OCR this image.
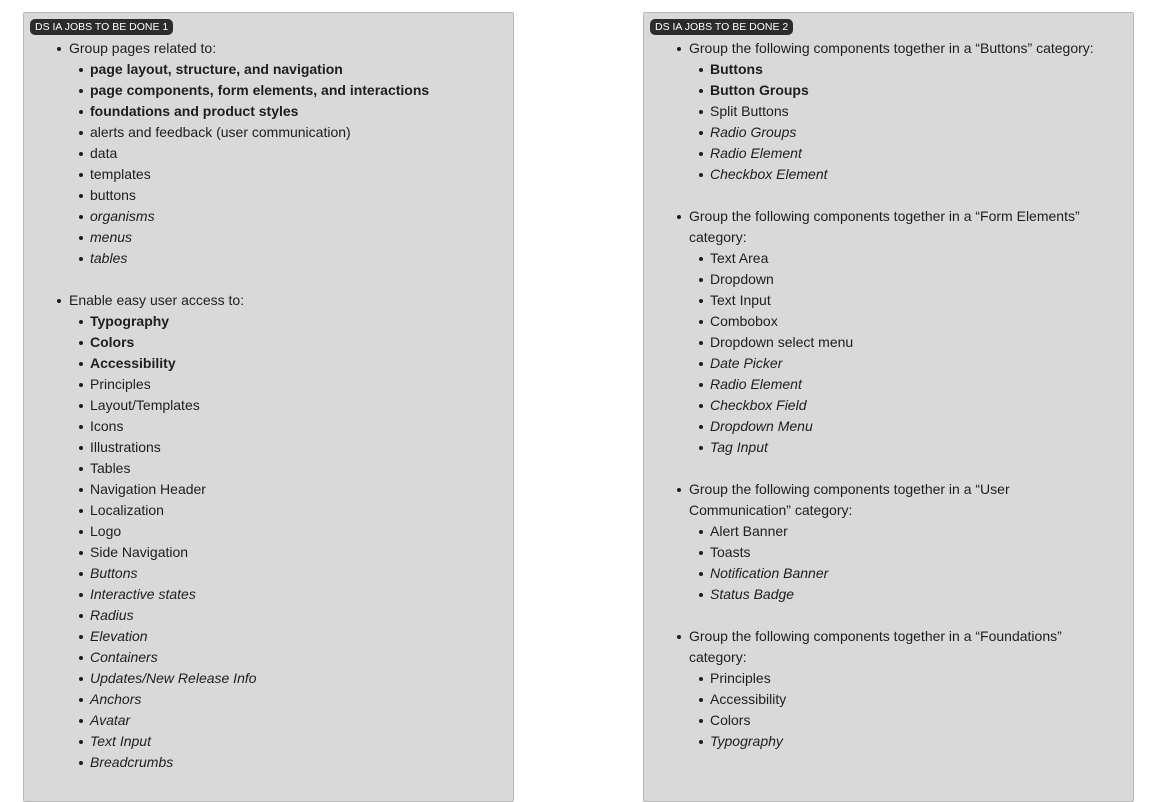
DS IA JOBS TO BE DONE 1
Group pages related to:
page layout, structure, and navigation
page components, form elements, and interactions
foundations and product styles
alerts and feedback (user communication)
data
templates
buttons
organisms
menus
tables
Enable easy user access to:
Typography
Colors
Accessibility
Principles
Layout/Templates
Icons
Illustrations
Tables
Navigation Header
Localization
Logo
Side Navigation
Buttons
Interactive states
Radius
Elevation
Containers
Updates/New Release Info
Anchors
Avatar
Text Input
Breadcrumbs
DS IA JOBS TO BE DONE 2
Group the following components together in a “Buttons” category:
Buttons
Button Groups
Split Buttons
Radio Groups
Radio Element
Checkbox Element
Group the following components together in a “Form Elements” category:
Text Area
Dropdown
Text Input
Combobox
Dropdown select menu
Date Picker
Radio Element
Checkbox Field
Dropdown Menu
Tag Input
Group the following components together in a “User Communication” category:
Alert Banner
Toasts
Notification Banner
Status Badge
Group the following components together in a “Foundations” category:
Principles
Accessibility
Colors
Typography
